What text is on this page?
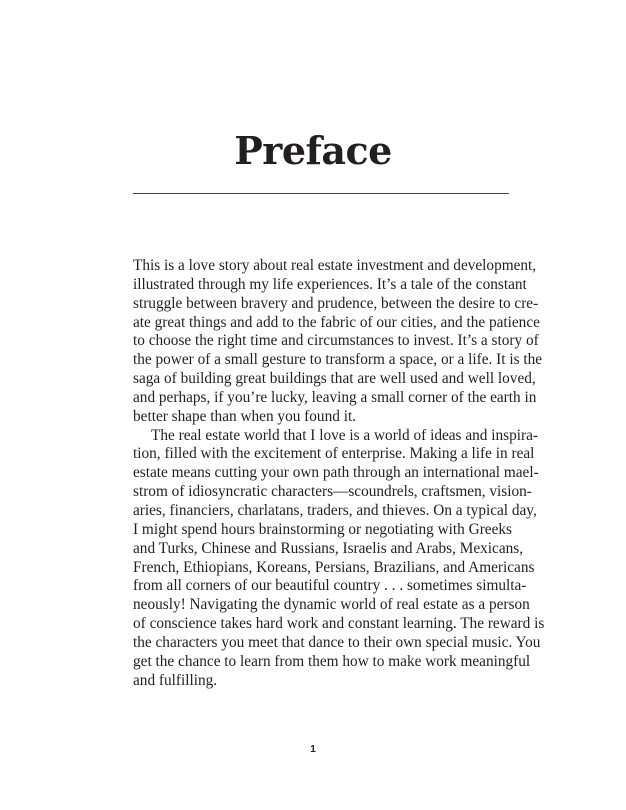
Preface
This is a love story about real estate investment and development,
illustrated through my life experiences. It’s a tale of the constant
struggle between bravery and prudence, between the desire to cre-
ate great things and add to the fabric of our cities, and the patience
to choose the right time and circumstances to invest. It’s a story of
the power of a small gesture to transform a space, or a life. It is the
saga of building great buildings that are well used and well loved,
and perhaps, if you’re lucky, leaving a small corner of the earth in
better shape than when you found it.
The real estate world that I love is a world of ideas and inspira-
tion, filled with the excitement of enterprise. Making a life in real
estate means cutting your own path through an international mael-
strom of idiosyncratic characters—scoundrels, craftsmen, vision-
aries, financiers, charlatans, traders, and thieves. On a typical day,
I might spend hours brainstorming or negotiating with Greeks
and Turks, Chinese and Russians, Israelis and Arabs, Mexicans,
French, Ethiopians, Koreans, Persians, Brazilians, and Americans
from all corners of our beautiful country . . . sometimes simulta-
neously! Navigating the dynamic world of real estate as a person
of conscience takes hard work and constant learning. The reward is
the characters you meet that dance to their own special music. You
get the chance to learn from them how to make work meaningful
and fulfilling.
1
